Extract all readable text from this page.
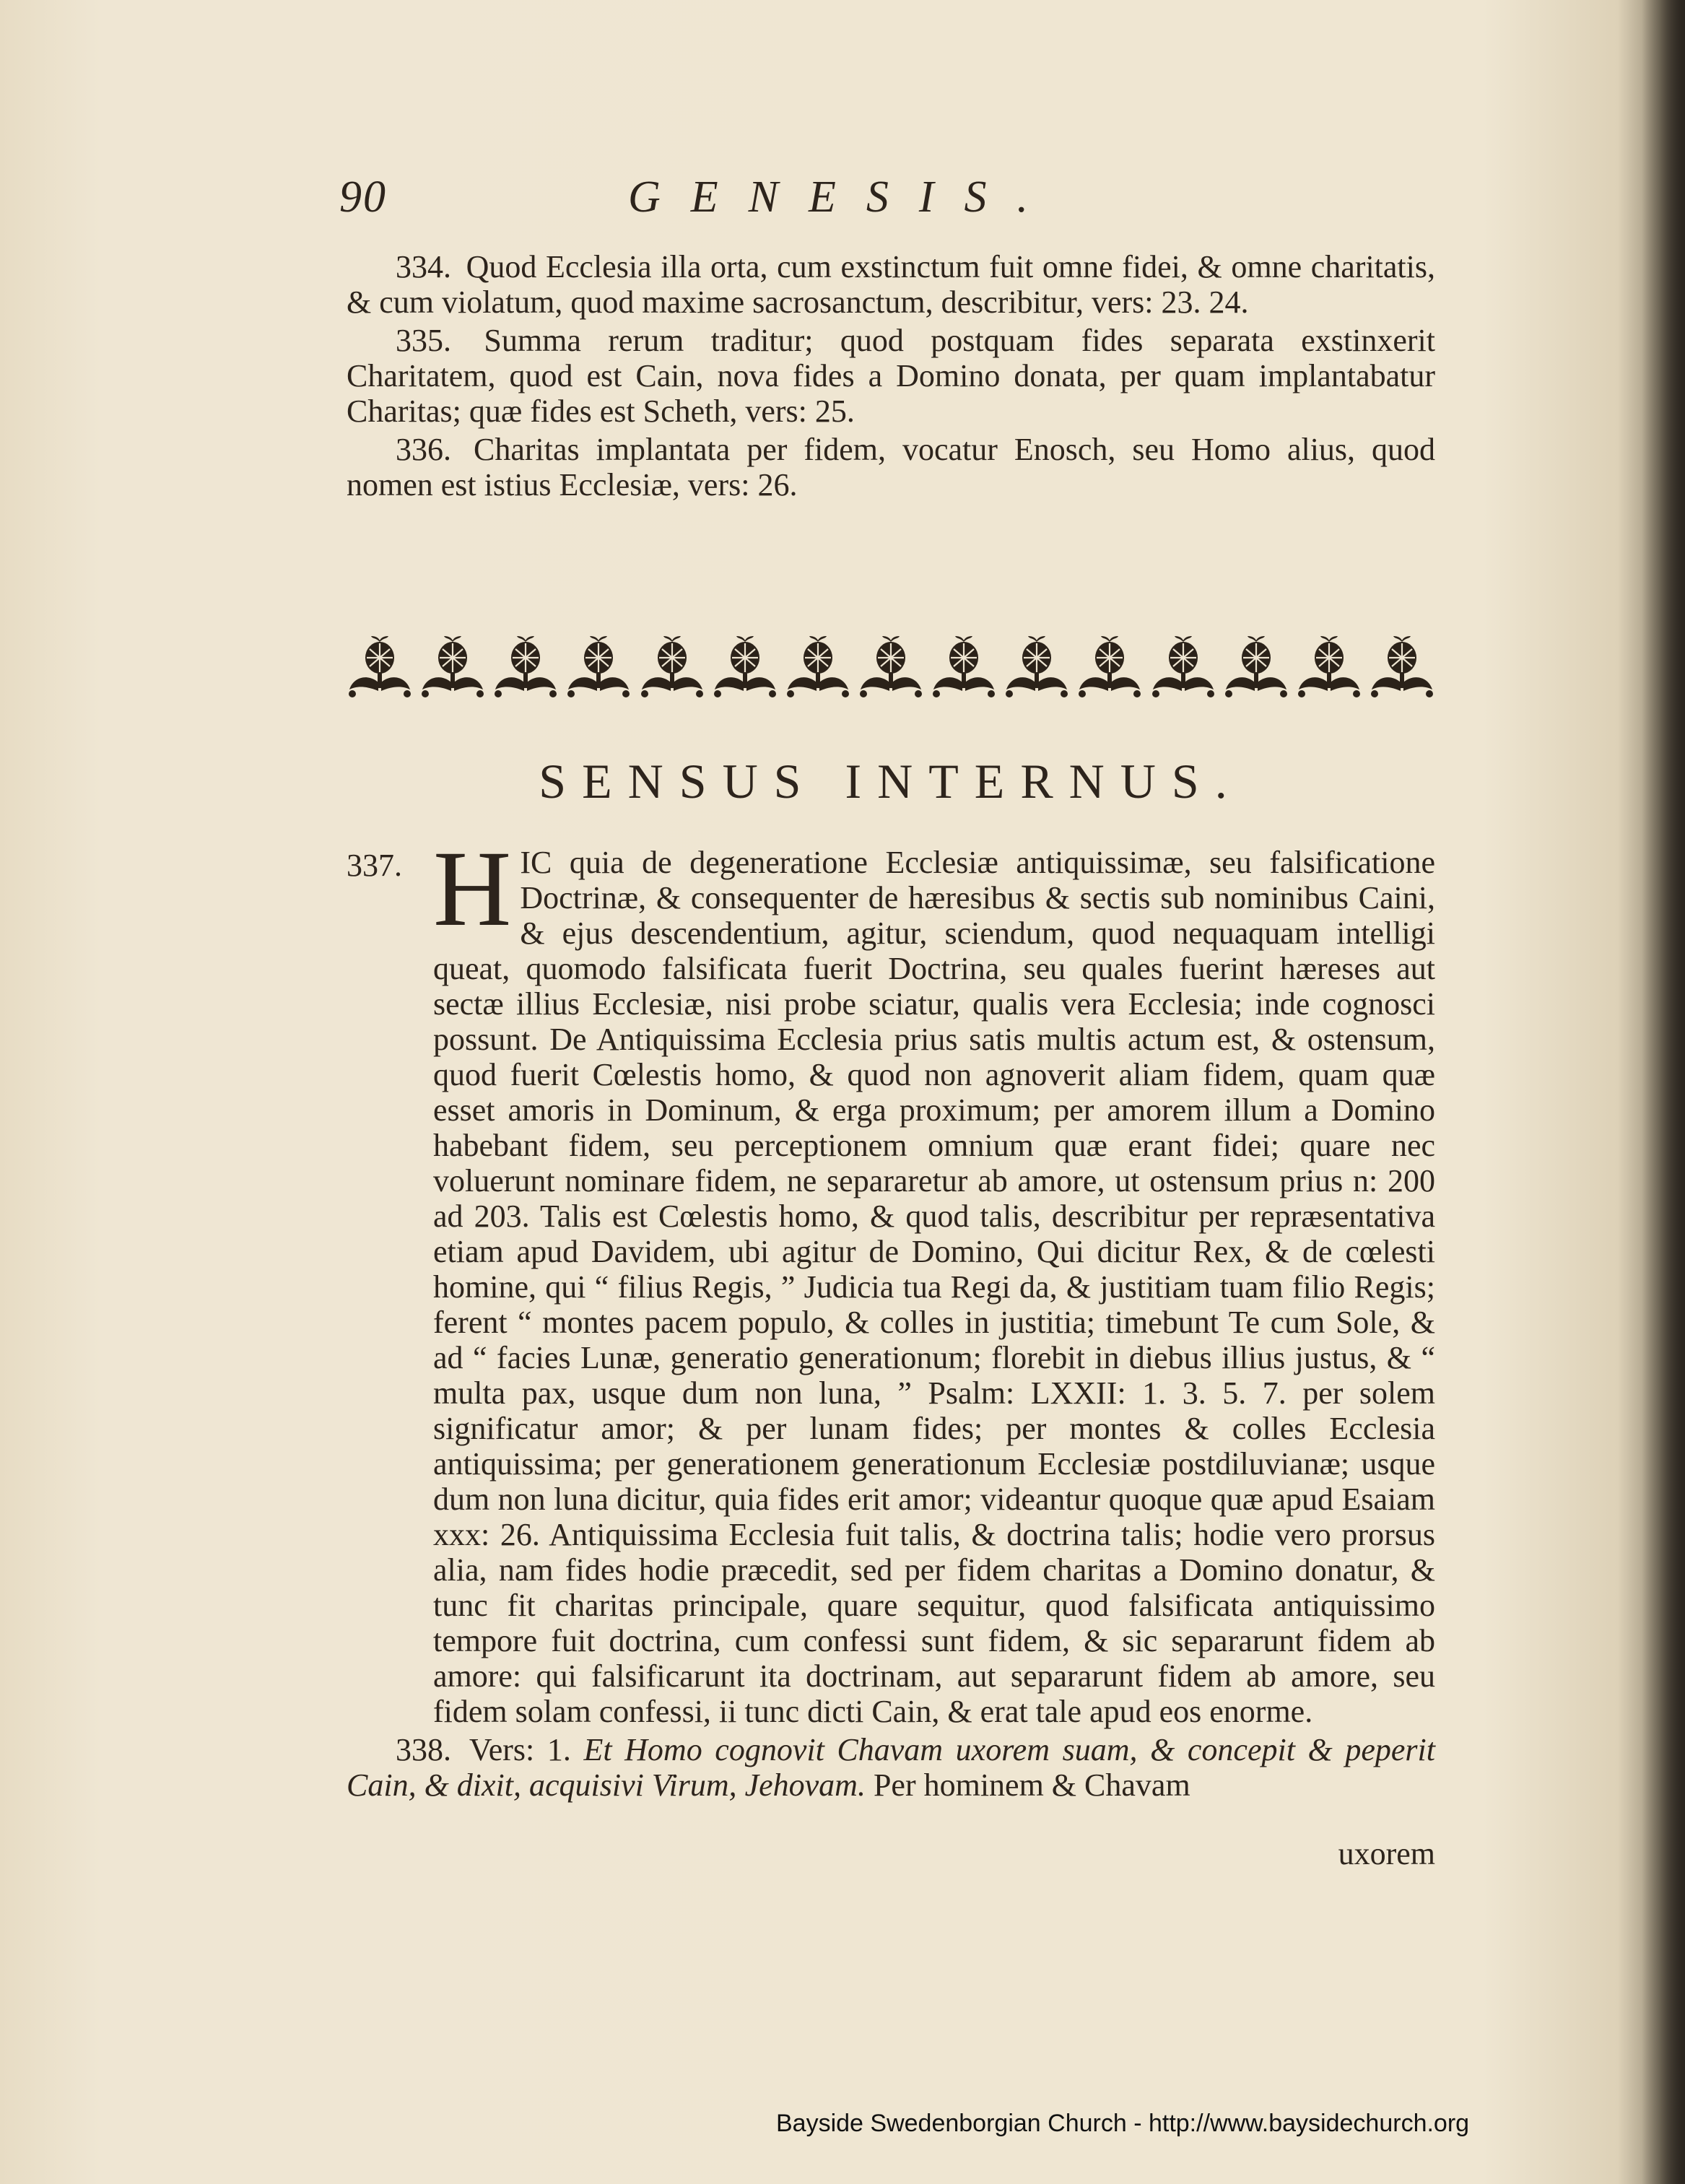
90	GENESIS.

334. Quod Ecclesia illa orta, cum exstinctum fuit omne fidei, & omne charitatis, & cum violatum, quod maxime sacrosanctum, describitur, vers: 23. 24.

335. Summa rerum traditur; quod postquam fides separata exstinxerit Charitatem, quod est Cain, nova fides a Domino donata, per quam implantabatur Charitas; quæ fides est Scheth, vers: 25.

336. Charitas implantata per fidem, vocatur Enosch, seu Homo alius, quod nomen est istius Ecclesiæ, vers: 26.

SENSUS INTERNUS.
337. HIC quia de degeneratione Ecclesiæ antiquissimæ, seu falsificatione Doctrinæ, & consequenter de hæresibus & sectis sub nominibus Caini, & ejus descendentium, agitur, sciendum, quod nequaquam intelligi queat, quomodo falsificata fuerit Doctrina, seu quales fuerint hæreses aut sectæ illius Ecclesiæ, nisi probe sciatur, qualis vera Ecclesia; inde cognosci possunt. De Antiquissima Ecclesia prius satis multis actum est, & ostensum, quod fuerit Cœlestis homo, & quod non agnoverit aliam fidem, quam quæ esset amoris in Dominum, & erga proximum; per amorem illum a Domino habebant fidem, seu perceptionem omnium quæ erant fidei; quare nec voluerunt nominare fidem, ne separaretur ab amore, ut ostensum prius n: 200 ad 203. Talis est Cœlestis homo, & quod talis, describitur per repræsentativa etiam apud Davidem, ubi agitur de Domino, Qui dicitur Rex, & de cœlesti homine, qui “ filius Regis, ” Judicia tua Regi da, & justitiam tuam filio Regis; ferent “ montes pacem populo, & colles in justitia; timebunt Te cum Sole, & ad “ facies Lunæ, generatio generationum; florebit in diebus illius justus, & “ multa pax, usque dum non luna, ” Psalm: LXXII: 1. 3. 5. 7. per solem significatur amor; & per lunam fides; per montes & colles Ecclesia antiquissima; per generationem generationum Ecclesiæ postdiluvianæ; usque dum non luna dicitur, quia fides erit amor; videantur quoque quæ apud Esaiam xxx: 26. Antiquissima Ecclesia fuit talis, & doctrina talis; hodie vero prorsus alia, nam fides hodie præcedit, sed per fidem charitas a Domino donatur, & tunc fit charitas principale, quare sequitur, quod falsificata antiquissimo tempore fuit doctrina, cum confessi sunt fidem, & sic separarunt fidem ab amore: qui falsificarunt ita doctrinam, aut separarunt fidem ab amore, seu fidem solam confessi, ii tunc dicti Cain, & erat tale apud eos enorme.

338. Vers: 1. Et Homo cognovit Chavam uxorem suam, & concepit & peperit Cain, & dixit, acquisivi Virum, Jehovam. Per hominem & Chavam

uxorem
Bayside Swedenborgian Church - http://www.baysidechurch.org
